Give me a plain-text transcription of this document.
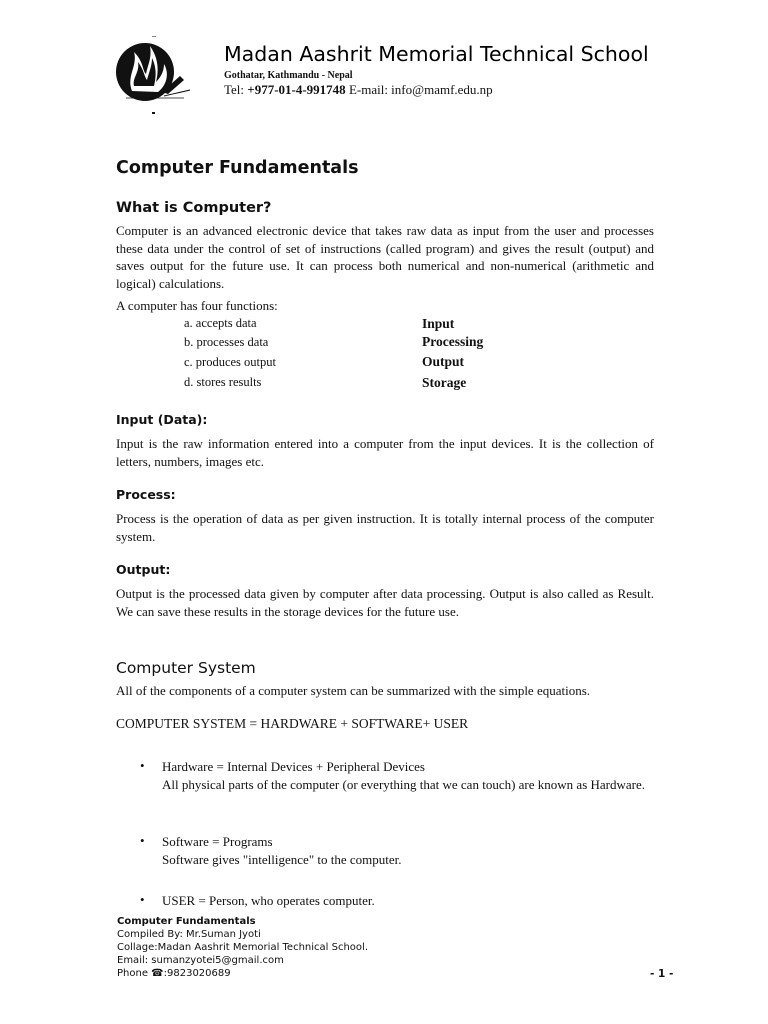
Madan Aashrit Memorial Technical School
Gothatar, Kathmandu - Nepal
Tel: +977-01-4-991748 E-mail: info@mamf.edu.np
Computer Fundamentals
What is Computer?
Computer is an advanced electronic device that takes raw data as input from the user and processes these data under the control of set of instructions (called program) and gives the result (output) and saves output for the future use. It can process both numerical and non-numerical (arithmetic and logical) calculations.
A computer has four functions:
a. accepts data	Input
b. processes data	Processing
c. produces output	Output
d. stores results	Storage
Input (Data):
Input is the raw information entered into a computer from the input devices. It is the collection of letters, numbers, images etc.
Process:
Process is the operation of data as per given instruction. It is totally internal process of the computer system.
Output:
Output is the processed data given by computer after data processing. Output is also called as Result. We can save these results in the storage devices for the future use.
Computer System
All of the components of a computer system can be summarized with the simple equations.
COMPUTER SYSTEM = HARDWARE + SOFTWARE+ USER
• Hardware = Internal Devices + Peripheral Devices
All physical parts of the computer (or everything that we can touch) are known as Hardware.
• Software = Programs
Software gives "intelligence" to the computer.
• USER = Person, who operates computer.
Computer Fundamentals
Compiled By: Mr.Suman Jyoti
Collage:Madan Aashrit Memorial Technical School.
Email: sumanzyotei5@gmail.com
Phone ☎:9823020689	- 1 -
